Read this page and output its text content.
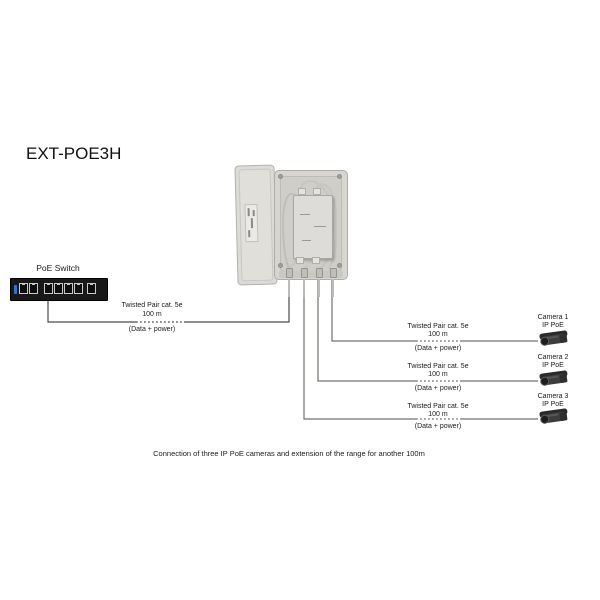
EXT-POE3H
PoE Switch
Twisted Pair cat. 5e
100 m
(Data + power)	Twisted Pair cat. 5e
100 m
(Data + power)
Camera 1
IP PoE
Twisted Pair cat. 5e
100 m
(Data + power)
Camera 2
IP PoE
Twisted Pair cat. 5e
100 m
(Data + power)
Camera 3
IP PoE
Connection of three IP PoE cameras and extension of the range for another 100m
